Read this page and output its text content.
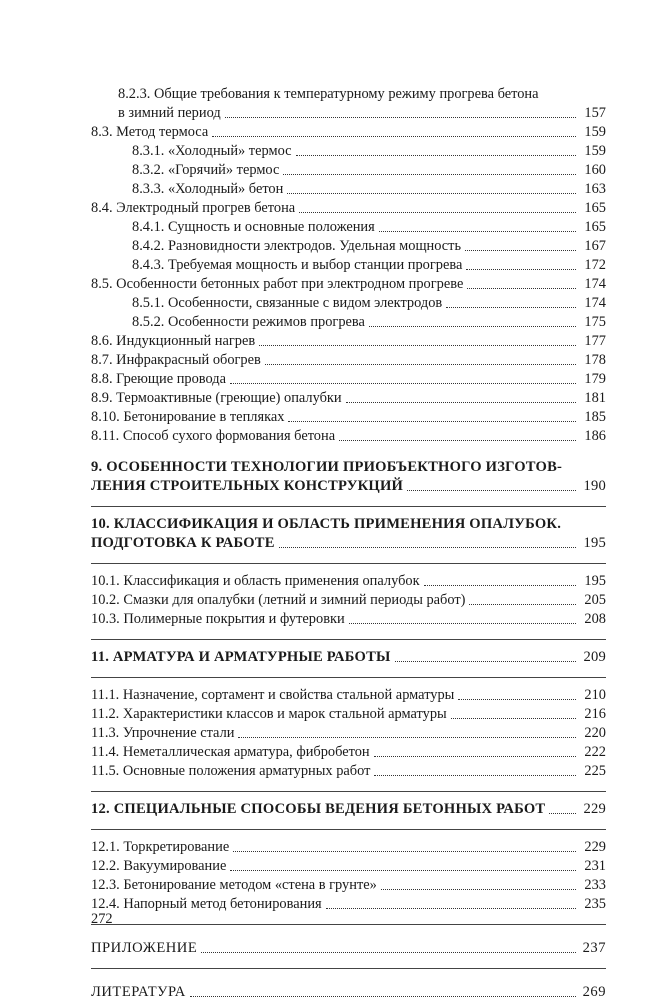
8.2.3. Общие требования к температурному режиму прогрева бетона
в зимний период	157
8.3. Метод термоса	159
8.3.1. «Холодный» термос	159
8.3.2. «Горячий» термос	160
8.3.3. «Холодный» бетон	163
8.4. Электродный прогрев бетона	165
8.4.1. Сущность и основные положения	165
8.4.2. Разновидности электродов. Удельная мощность	167
8.4.3. Требуемая мощность и выбор станции прогрева	172
8.5. Особенности бетонных работ при электродном прогреве	174
8.5.1. Особенности, связанные с видом электродов	174
8.5.2. Особенности режимов прогрева	175
8.6. Индукционный нагрев	177
8.7. Инфракрасный обогрев	178
8.8. Греющие провода	179
8.9. Термоактивные (греющие) опалубки	181
8.10. Бетонирование в тепляках	185
8.11. Способ сухого формования бетона	186
9. ОСОБЕННОСТИ ТЕХНОЛОГИИ ПРИОБЪЕКТНОГО ИЗГОТОВ-
ЛЕНИЯ СТРОИТЕЛЬНЫХ КОНСТРУКЦИЙ	190
10. КЛАССИФИКАЦИЯ И ОБЛАСТЬ ПРИМЕНЕНИЯ ОПАЛУБОК.
ПОДГОТОВКА К РАБОТЕ	195
10.1. Классификация и область применения опалубок	195
10.2. Смазки для опалубки (летний и зимний периоды работ)	205
10.3. Полимерные покрытия и футеровки	208
11. АРМАТУРА И АРМАТУРНЫЕ РАБОТЫ	209
11.1. Назначение, сортамент и свойства стальной арматуры	210
11.2. Характеристики классов и марок стальной арматуры	216
11.3. Упрочнение стали	220
11.4. Неметаллическая арматура, фибробетон	222
11.5. Основные положения арматурных работ	225
12. СПЕЦИАЛЬНЫЕ СПОСОБЫ ВЕДЕНИЯ БЕТОННЫХ РАБОТ	229
12.1. Торкретирование	229
12.2. Вакуумирование	231
12.3. Бетонирование методом «стена в грунте»	233
12.4. Напорный метод бетонирования	235
ПРИЛОЖЕНИЕ	237
ЛИТЕРАТУРА	269
272
